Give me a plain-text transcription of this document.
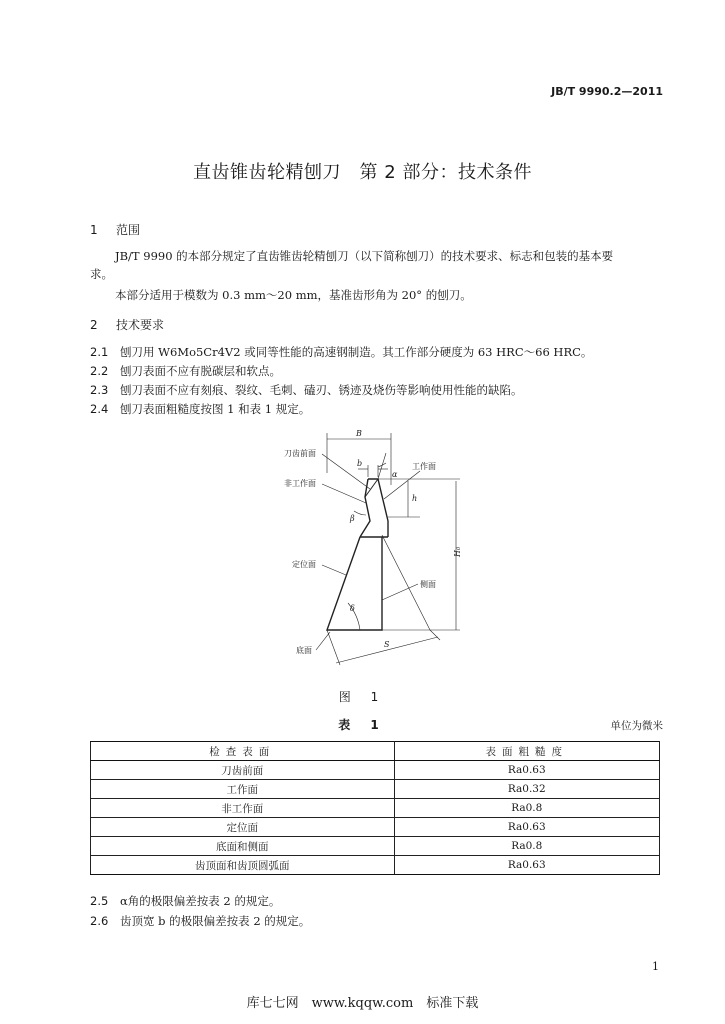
JB/T 9990.2—2011
直齿锥齿轮精刨刀　第 2 部分：技术条件
1 范围
JB/T 9990 的本部分规定了直齿锥齿轮精刨刀（以下简称刨刀）的技术要求、标志和包装的基本要
求。
本部分适用于模数为 0.3 mm～20 mm，基准齿形角为 20° 的刨刀。
2 技术要求
2.1 刨刀用 W6Mo5Cr4V2 或同等性能的高速钢制造。其工作部分硬度为 63 HRC～66 HRC。
2.2 刨刀表面不应有脱碳层和软点。
2.3 刨刀表面不应有刻痕、裂纹、毛刺、磕刃、锈迹及烧伤等影响使用性能的缺陷。
2.4 刨刀表面粗糙度按图 1 和表 1 规定。
刀齿前面
非工作面
工作面
定位面
侧面
底面
B
b
α
h
β
H₀
δ
S
图 1
表 1	单位为微米
检查表面	表面粗糙度
刀齿前面	Ra0.63
工作面	Ra0.32
非工作面	Ra0.8
定位面	Ra0.63
底面和侧面	Ra0.8
齿顶面和齿顶圆弧面	Ra0.63
2.5 α角的极限偏差按表 2 的规定。
2.6 齿顶宽 b 的极限偏差按表 2 的规定。
1
库七七网　www.kqqw.com　标准下载
